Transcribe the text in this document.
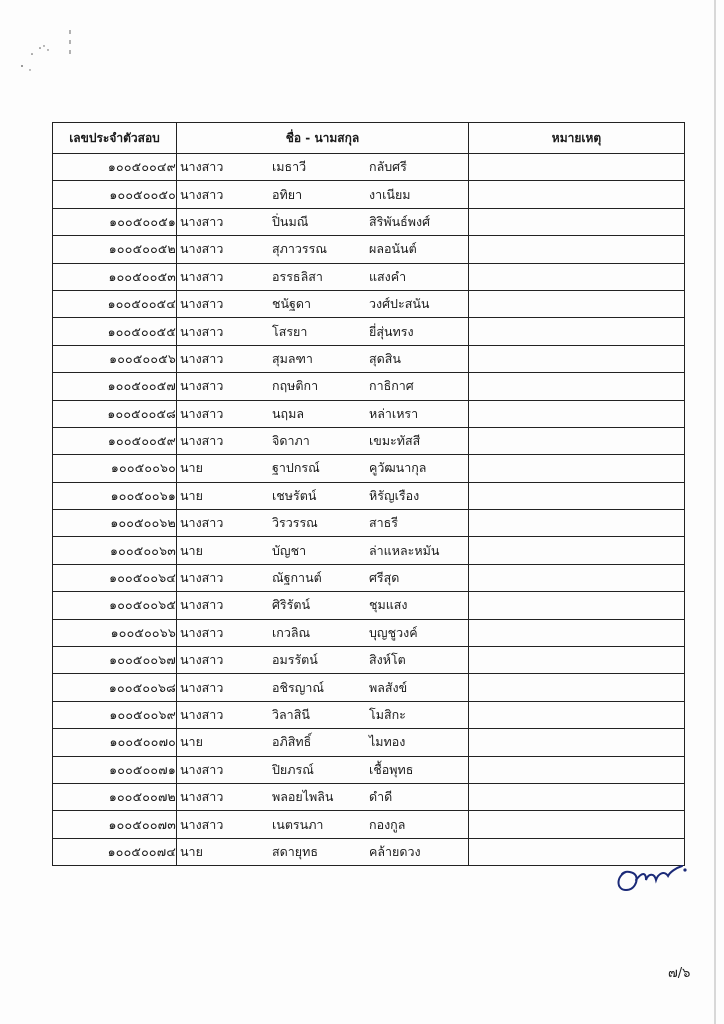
เลขประจำตัวสอบ	ชื่อ - นามสกุล	หมายเหตุ
๑๐๐๕๐๐๔๙	นางสาว เมธาวี กลับศรี	

๑๐๐๕๐๐๕๐	นางสาว อทิยา งาเนียม	

๑๐๐๕๐๐๕๑	นางสาว ปิ่นมณี สิริพันธ์พงศ์	

๑๐๐๕๐๐๕๒	นางสาว สุภาวรรณ ผลอนันต์	

๑๐๐๕๐๐๕๓	นางสาว อรรธลิสา แสงคำ	

๑๐๐๕๐๐๕๔	นางสาว ชนัฐดา วงศ์ปะสนัน	

๑๐๐๕๐๐๕๕	นางสาว โสรยา ยี่สุ่นทรง	

๑๐๐๕๐๐๕๖	นางสาว สุมลฑา สุดสิน	

๑๐๐๕๐๐๕๗	นางสาว กฤษติกา กาธิกาศ	

๑๐๐๕๐๐๕๘	นางสาว นฤมล หล่าเหรา	

๑๐๐๕๐๐๕๙	นางสาว จิดาภา เขมะทัสสี	

๑๐๐๕๐๐๖๐	นาย ฐาปกรณ์ คูวัฒนากุล	

๑๐๐๕๐๐๖๑	นาย เชษรัตน์ หิรัญเรือง	

๑๐๐๕๐๐๖๒	นางสาว วิรวรรณ สาธรี	

๑๐๐๕๐๐๖๓	นาย บัญชา ล่าแหละหมัน	

๑๐๐๕๐๐๖๔	นางสาว ณัฐกานต์ ศรีสุด	

๑๐๐๕๐๐๖๕	นางสาว ศิริรัตน์ ชุมแสง	

๑๐๐๕๐๐๖๖	นางสาว เกวลิณ บุญชูวงค์	

๑๐๐๕๐๐๖๗	นางสาว อมรรัตน์ สิงห์โต	

๑๐๐๕๐๐๖๘	นางสาว อชิรญาณ์ พลสังข์	

๑๐๐๕๐๐๖๙	นางสาว วิลาสินี โมสิกะ	

๑๐๐๕๐๐๗๐	นาย อภิสิทธิ์ ไมทอง	

๑๐๐๕๐๐๗๑	นางสาว ปิยภรณ์ เชื้อพุทธ	

๑๐๐๕๐๐๗๒	นางสาว พลอยไพลิน ดำดี	

๑๐๐๕๐๐๗๓	นางสาว เนตรนภา กองกูล	

๑๐๐๕๐๐๗๔	นาย สดายุทธ คล้ายดวง	

๗/๖
